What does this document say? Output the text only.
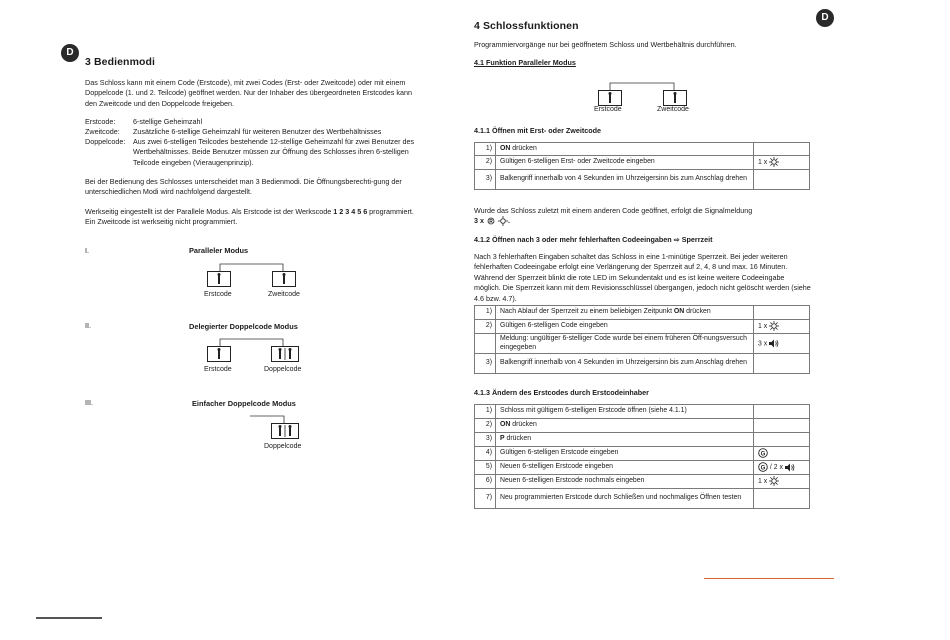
D
3 Bedienmodi
Das Schloss kann mit einem Code (Erstcode), mit zwei Codes (Erst- oder Zweitcode) oder mit einem Doppelcode (1. und 2. Teilcode) geöffnet werden. Nur der Inhaber des übergeordneten Erstcodes kann den Zweitcode und den Doppelcode freigeben.
Erstcode: 6-stellige Geheimzahl
Zweitcode: Zusätzliche 6-stellige Geheimzahl für weiteren Benutzer des Wertbehältnisses
Doppelcode: Aus zwei 6-stelligen Teilcodes bestehende 12-stellige Geheimzahl für zwei Benutzer des Wertbehältnisses. Beide Benutzer müssen zur Öffnung des Schlosses ihren 6-stelligen Teilcode eingeben (Vieraugenprinzip).
Bei der Bedienung des Schlosses unterscheidet man 3 Bedienmodi. Die Öffnungsberechti-gung der unterschiedlichen Modi wird nachfolgend dargestellt.
Werkseitig eingestellt ist der Parallele Modus. Als Erstcode ist der Werkscode 1 2 3 4 5 6 programmiert. Ein Zweitcode ist werkseitig nicht programmiert.
I.	Paralleler Modus
Erstcode	Zweitcode
II.	Delegierter Doppelcode Modus
Erstcode	Doppelcode
III.	Einfacher Doppelcode Modus
Doppelcode
D
4 Schlossfunktionen
Programmiervorgänge nur bei geöffnetem Schloss und Wertbehältnis durchführen.
4.1 Funktion Paralleler Modus
Erstcode	Zweitcode
4.1.1 Öffnen mit Erst- oder Zweitcode
1)	ON drücken	
2)	Gültigen 6-stelligen Erst- oder Zweitcode eingeben	1 x
3)	Balkengriff innerhalb von 4 Sekunden im Uhrzeigersinn bis zum Anschlag drehen	
Wurde das Schloss zuletzt mit einem anderen Code geöffnet, erfolgt die Signalmeldung
3 x R .
4.1.2 Öffnen nach 3 oder mehr fehlerhaften Codeeingaben ⇨ Sperrzeit
Nach 3 fehlerhaften Eingaben schaltet das Schloss in eine 1-minütige Sperrzeit. Bei jeder weiteren fehlerhaften Codeeingabe erfolgt eine Verlängerung der Sperrzeit auf 2, 4, 8 und max. 16 Minuten. Während der Sperrzeit blinkt die rote LED im Sekundentakt und es ist keine weitere Codeeingabe möglich. Die Sperrzeit kann mit dem Revisionsschlüssel übergangen, jedoch nicht gelöscht werden (siehe 4.6 bzw. 4.7).
1)	Nach Ablauf der Sperrzeit zu einem beliebigen Zeitpunkt ON drücken	
2)	Gültigen 6-stelligen Code eingeben	1 x
	Meldung: ungültiger 6-stelliger Code wurde bei einem früheren Öff-nungsversuch eingegeben	3 x
3)	Balkengriff innerhalb von 4 Sekunden im Uhrzeigersinn bis zum Anschlag drehen	
4.1.3 Ändern des Erstcodes durch Erstcodeinhaber
1)	Schloss mit gültigem 6-stelligen Erstcode öffnen (siehe 4.1.1)	
2)	ON drücken	
3)	P drücken	
4)	Gültigen 6-stelligen Erstcode eingeben	G

5)	Neuen 6-stelligen Erstcode eingeben	G / 2 x
6)	Neuen 6-stelligen Erstcode nochmals eingeben	1 x
7)	Neu programmierten Erstcode durch Schließen und nochmaliges Öffnen testen	
